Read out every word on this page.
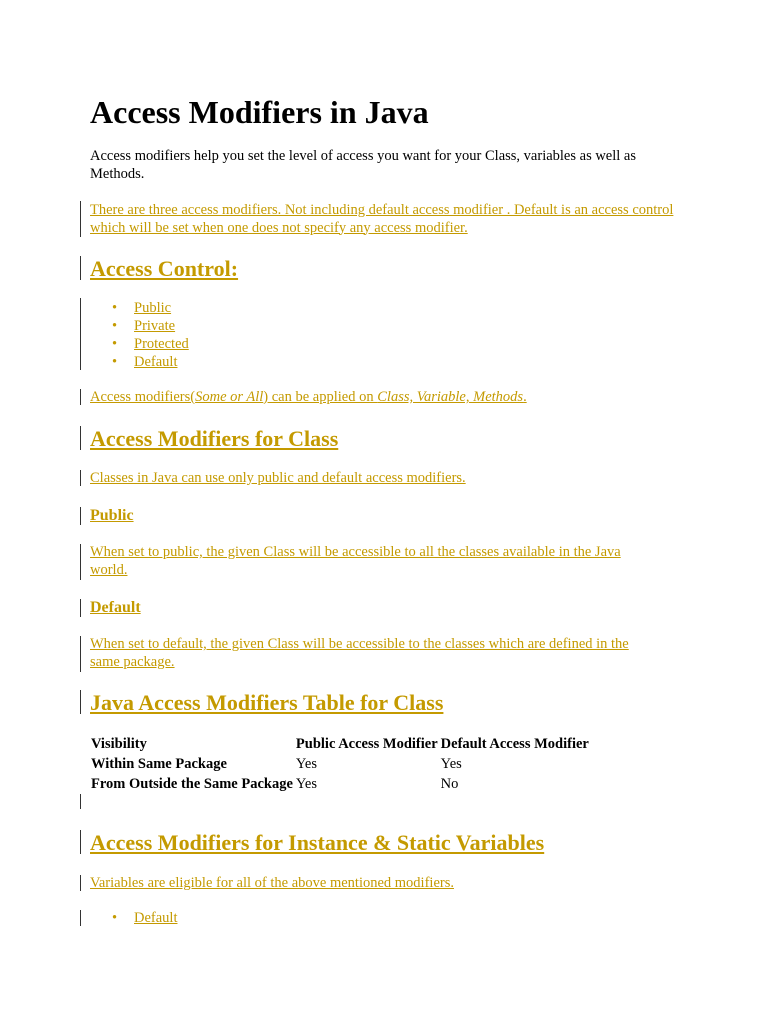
Access Modifiers in Java
Access modifiers help you set the level of access you want for your Class, variables as well as Methods.
There are three access modifiers. Not including default access modifier . Default is an access control which will be set when one does not specify any access modifier.
Access Control:
• Public
• Private
• Protected
• Default
Access modifiers(Some or All) can be applied on Class, Variable, Methods.
Access Modifiers for Class
Classes in Java can use only public and default access modifiers.
Public
When set to public, the given Class will be accessible to all the classes available in the Java world.
Default
When set to default, the given Class will be accessible to the classes which are defined in the same package.
Java Access Modifiers Table for Class
Visibility	Public Access Modifier	Default Access Modifier
Within Same Package	Yes	Yes
From Outside the Same Package	Yes	No
Access Modifiers for Instance & Static Variables
Variables are eligible for all of the above mentioned modifiers.
• Default
